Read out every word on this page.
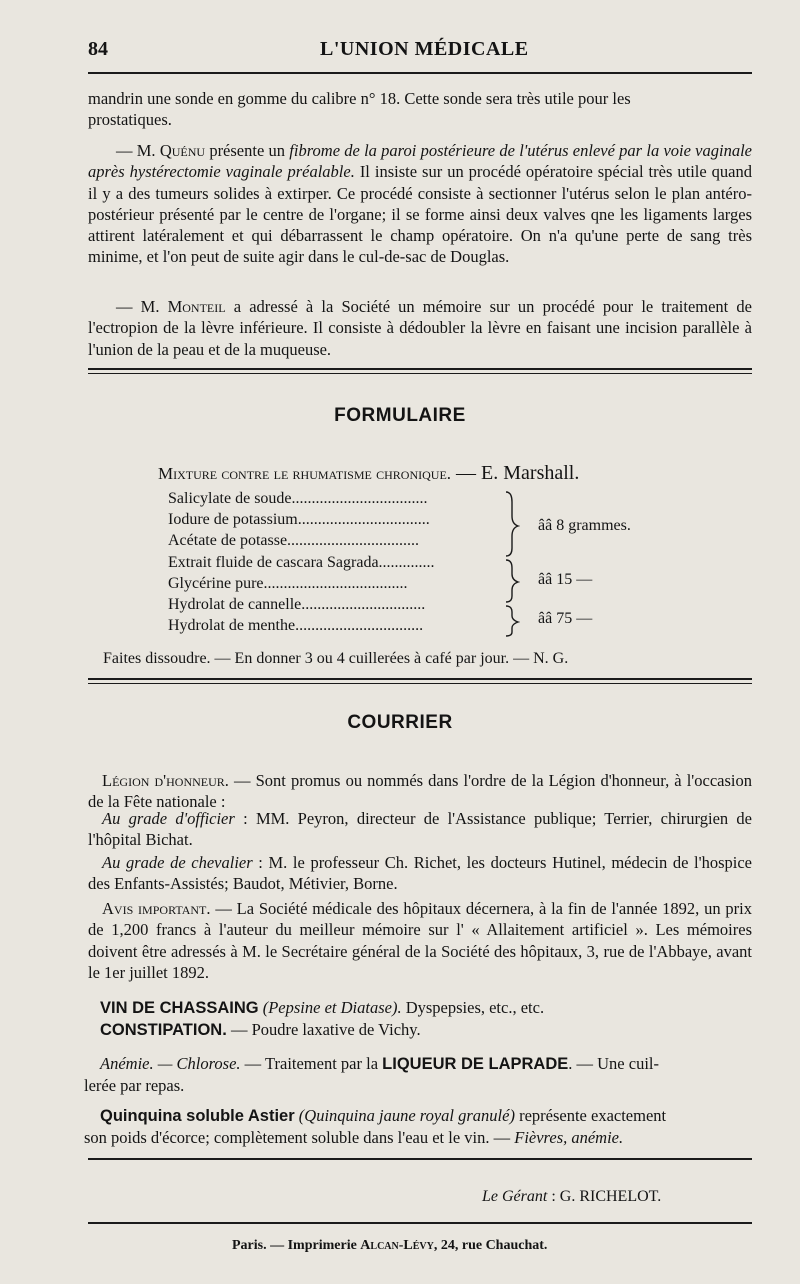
84	L'UNION MÉDICALE
mandrin une sonde en gomme du calibre n° 18. Cette sonde sera très utile pour les
prostatiques.
— M. Quénu présente un fibrome de la paroi postérieure de l'utérus enlevé par la voie vaginale après hystérectomie vaginale préalable. Il insiste sur un procédé opératoire spécial très utile quand il y a des tumeurs solides à extirper. Ce procédé consiste à sectionner l'utérus selon le plan antéro-postérieur présenté par le centre de l'organe; il se forme ainsi deux valves qne les ligaments larges attirent latéralement et qui débarrassent le champ opératoire. On n'a qu'une perte de sang très minime, et l'on peut de suite agir dans le cul-de-sac de Douglas.
— M. Monteil a adressé à la Société un mémoire sur un procédé pour le traitement de l'ectropion de la lèvre inférieure. Il consiste à dédoubler la lèvre en faisant une incision parallèle à l'union de la peau et de la muqueuse.
FORMULAIRE
Mixture contre le rhumatisme chronique. — E. Marshall.
Salicylate de soude..................................
Iodure de potassium.................................
Acétate de potasse.................................
Extrait fluide de cascara Sagrada..............
Glycérine pure....................................
Hydrolat de cannelle...............................
Hydrolat de menthe................................
ââ 8 grammes.
ââ 15 —
ââ 75 —
Faites dissoudre. — En donner 3 ou 4 cuillerées à café par jour. — N. G.
COURRIER
Légion d'honneur. — Sont promus ou nommés dans l'ordre de la Légion d'honneur, à l'occasion de la Fête nationale :
Au grade d'officier : MM. Peyron, directeur de l'Assistance publique; Terrier, chirurgien de l'hôpital Bichat.
Au grade de chevalier : M. le professeur Ch. Richet, les docteurs Hutinel, médecin de l'hospice des Enfants-Assistés; Baudot, Métivier, Borne.
Avis important. — La Société médicale des hôpitaux décernera, à la fin de l'année 1892, un prix de 1,200 francs à l'auteur du meilleur mémoire sur l' « Allaitement artificiel ». Les mémoires doivent être adressés à M. le Secrétaire général de la Société des hôpitaux, 3, rue de l'Abbaye, avant le 1er juillet 1892.
VIN DE CHASSAING (Pepsine et Diatase). Dyspepsies, etc., etc.
CONSTIPATION. — Poudre laxative de Vichy.
Anémie. — Chlorose. — Traitement par la LIQUEUR DE LAPRADE. — Une cuil-
lerée par repas.
Quinquina soluble Astier (Quinquina jaune royal granulé) représente exactement
son poids d'écorce; complètement soluble dans l'eau et le vin. — Fièvres, anémie.
Le Gérant : G. RICHELOT.
Paris. — Imprimerie Alcan-Lévy, 24, rue Chauchat.
